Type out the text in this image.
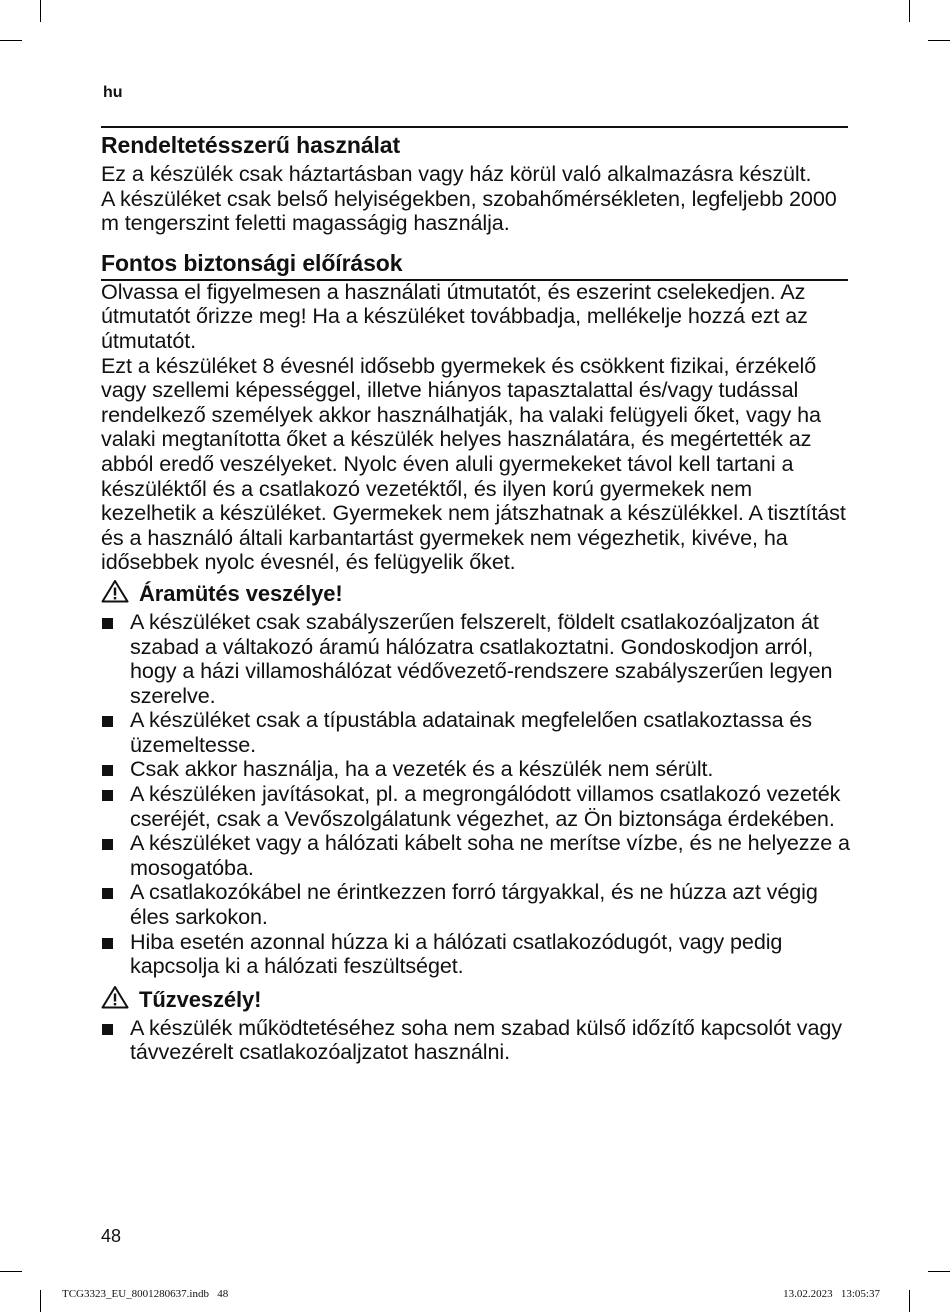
hu
Rendeltetésszerű használat

Ez a készülék csak háztartásban vagy ház körül való alkalmazásra készült.

A készüléket csak belső helyiségekben, szobahőmérsékleten, legfeljebb 2000 m tengerszint feletti magasságig használja.

Fontos biztonsági előírások

Olvassa el figyelmesen a használati útmutatót, és eszerint cselekedjen. Az útmutatót őrizze meg! Ha a készüléket továbbadja, mellékelje hozzá ezt az útmutatót.

Ezt a készüléket 8 évesnél idősebb gyermekek és csökkent fizikai, érzékelő vagy szellemi képességgel, illetve hiányos tapasztalattal és/vagy tudással rendelkező személyek akkor használhatják, ha valaki felügyeli őket, vagy ha valaki megtanította őket a készülék helyes használatára, és megértették az abból eredő veszélyeket. Nyolc éven aluli gyermekeket távol kell tartani a készüléktől és a csatlakozó vezetéktől, és ilyen korú gyermekek nem kezelhetik a készüléket. Gyermekek nem játszhatnak a készülékkel. A tisztítást és a használó általi karbantartást gyermekek nem végezhetik, kivéve, ha idősebbek nyolc évesnél, és felügyelik őket.

Áramütés veszélye!
A készüléket csak szabályszerűen felszerelt, földelt csatlakozóaljzaton át szabad a váltakozó áramú hálózatra csatlakoztatni. Gondoskodjon arról, hogy a házi villamoshálózat védővezető-rendszere szabályszerűen legyen szerelve.
A készüléket csak a típustábla adatainak megfelelően csatlakoztassa és üzemeltesse.
Csak akkor használja, ha a vezeték és a készülék nem sérült.
A készüléken javításokat, pl. a megrongálódott villamos csatlakozó vezeték cseréjét, csak a Vevőszolgálatunk végezhet, az Ön biztonsága érdekében.
A készüléket vagy a hálózati kábelt soha ne merítse vízbe, és ne helyezze a mosogatóba.
A csatlakozókábel ne érintkezzen forró tárgyakkal, és ne húzza azt végig éles sarkokon.
Hiba esetén azonnal húzza ki a hálózati csatlakozódugót, vagy pedig kapcsolja ki a hálózati feszültséget.
Tűzveszély!
A készülék működtetéséhez soha nem szabad külső időzítő kapcsolót vagy távvezérelt csatlakozóaljzatot használni.
48
TCG3323_EU_8001280637.indb   48	13.02.2023   13:05:37
